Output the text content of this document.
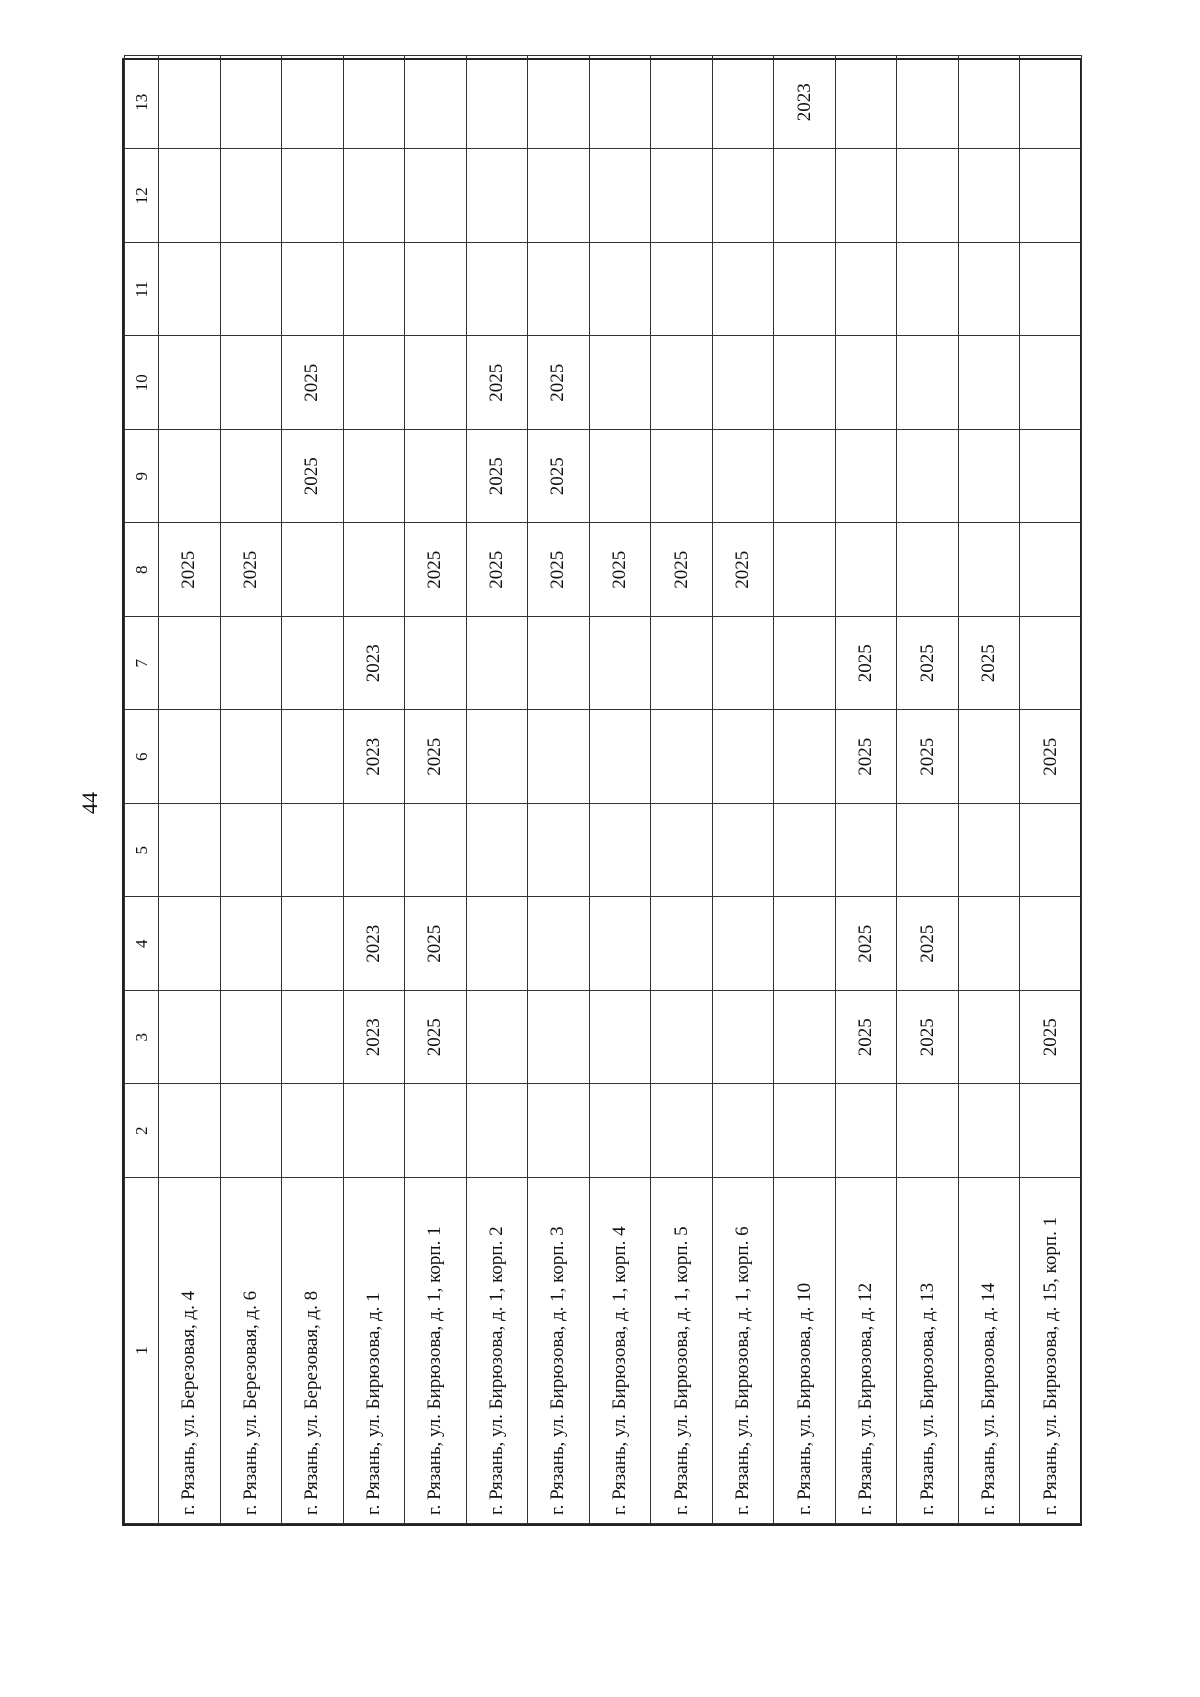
44
1	2	3	4	5	6	7	8	9	10	11	12	13
г. Рязань, ул. Березовая, д. 4							2025					
г. Рязань, ул. Березовая, д. 6							2025					
г. Рязань, ул. Березовая, д. 8								2025	2025			
г. Рязань, ул. Бирюзова, д. 1		2023	2023		2023	2023						
г. Рязань, ул. Бирюзова, д. 1, корп. 1		2025	2025		2025		2025					
г. Рязань, ул. Бирюзова, д. 1, корп. 2							2025	2025	2025			
г. Рязань, ул. Бирюзова, д. 1, корп. 3							2025	2025	2025			
г. Рязань, ул. Бирюзова, д. 1, корп. 4							2025					
г. Рязань, ул. Бирюзова, д. 1, корп. 5							2025					
г. Рязань, ул. Бирюзова, д. 1, корп. 6							2025					
г. Рязань, ул. Бирюзова, д. 10												2023
г. Рязань, ул. Бирюзова, д. 12		2025	2025		2025	2025						
г. Рязань, ул. Бирюзова, д. 13		2025	2025		2025	2025						
г. Рязань, ул. Бирюзова, д. 14						2025						
г. Рязань, ул. Бирюзова, д. 15, корп. 1		2025			2025							
